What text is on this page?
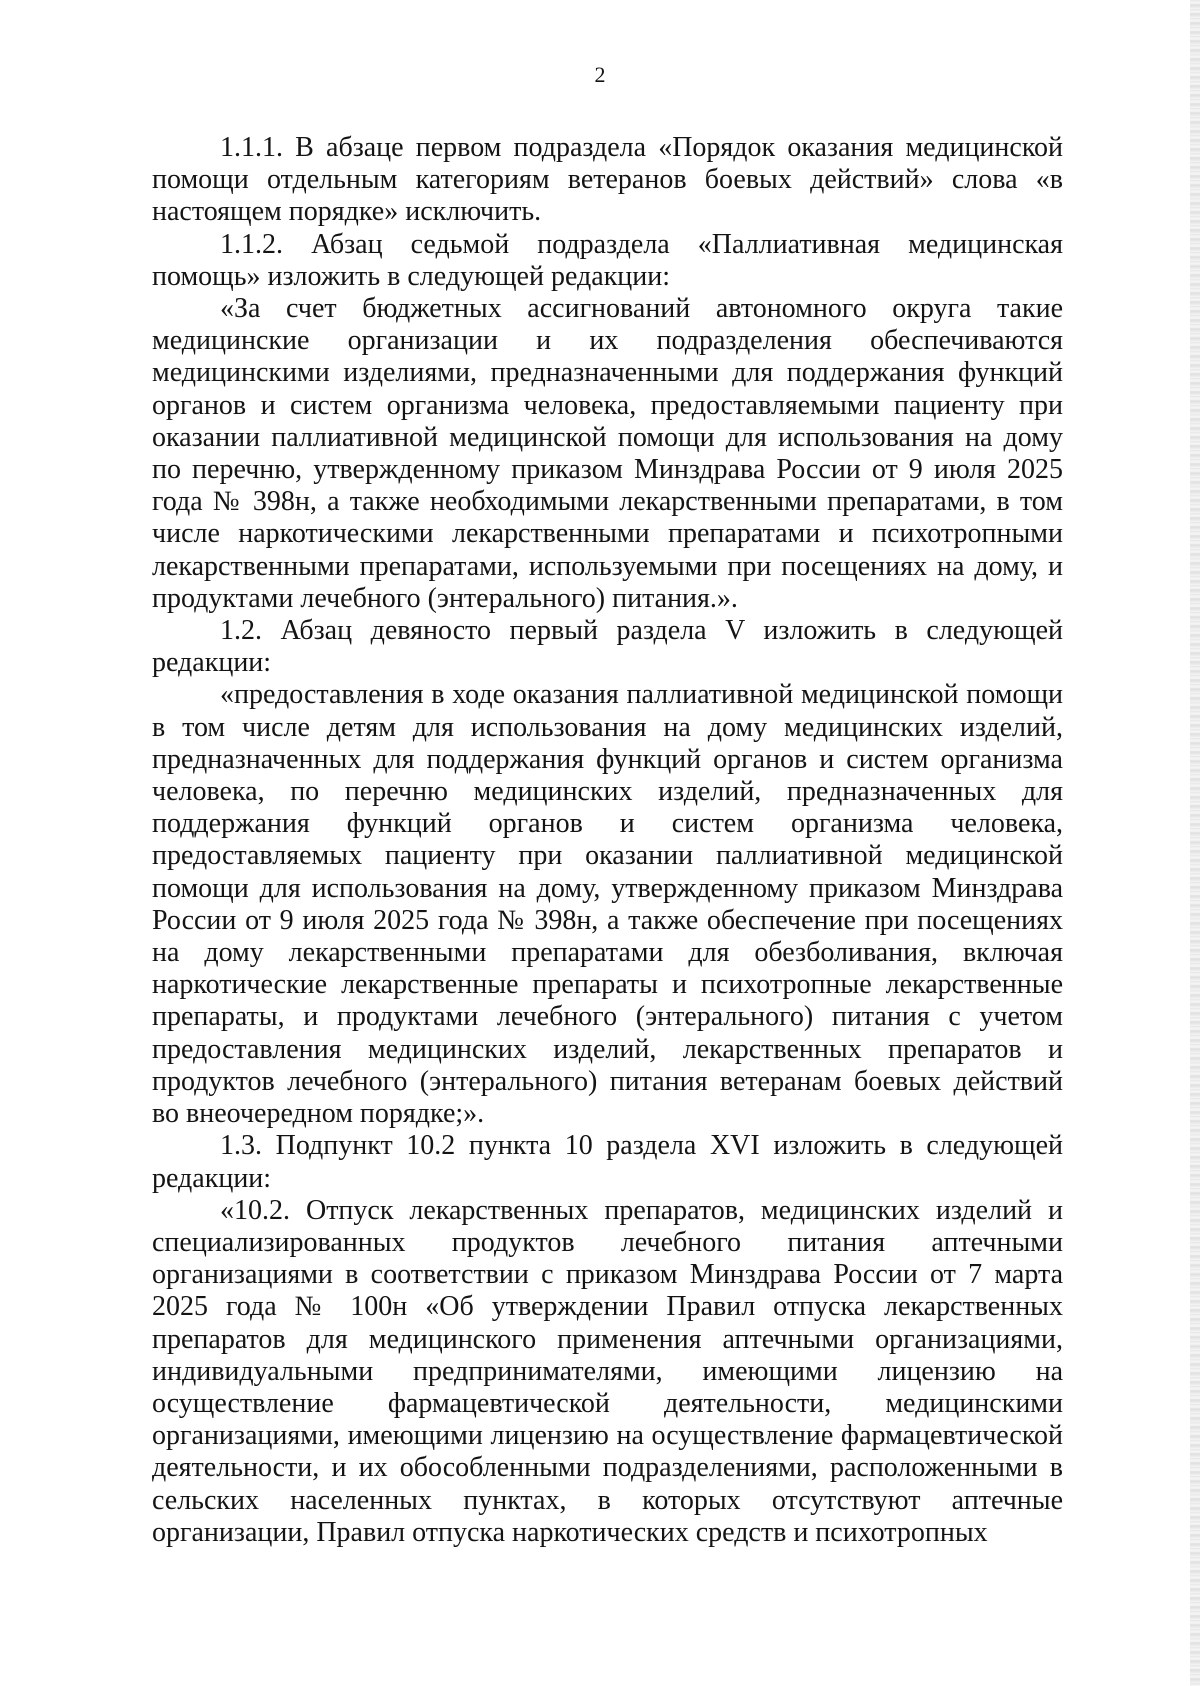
2

1.1.1. В абзаце первом подраздела «Порядок оказания медицинской помощи отдельным категориям ветеранов боевых действий» слова «в настоящем порядке» исключить.

1.1.2. Абзац седьмой подраздела «Паллиативная медицинская помощь» изложить в следующей редакции:

«За счет бюджетных ассигнований автономного округа такие медицинские организации и их подразделения обеспечиваются медицинскими изделиями, предназначенными для поддержания функций органов и систем организма человека, предоставляемыми пациенту при оказании паллиативной медицинской помощи для использования на дому по перечню, утвержденному приказом Минздрава России от 9 июля 2025 года № 398н, а также необходимыми лекарственными препаратами, в том числе наркотическими лекарственными препаратами и психотропными лекарственными препаратами, используемыми при посещениях на дому, и продуктами лечебного (энтерального) питания.».

1.2. Абзац девяносто первый раздела V изложить в следующей редакции:

«предоставления в ходе оказания паллиативной медицинской помощи в том числе детям для использования на дому медицинских изделий, предназначенных для поддержания функций органов и систем организма человека, по перечню медицинских изделий, предназначенных для поддержания функций органов и систем организма человека, предоставляемых пациенту при оказании паллиативной медицинской помощи для использования на дому, утвержденному приказом Минздрава России от 9 июля 2025 года № 398н, а также обеспечение при посещениях на дому лекарственными препаратами для обезболивания, включая наркотические лекарственные препараты и психотропные лекарственные препараты, и продуктами лечебного (энтерального) питания с учетом предоставления медицинских изделий, лекарственных препаратов и продуктов лечебного (энтерального) питания ветеранам боевых действий во внеочередном порядке;».

1.3. Подпункт 10.2 пункта 10 раздела XVI изложить в следующей редакции:

«10.2. Отпуск лекарственных препаратов, медицинских изделий и специализированных продуктов лечебного питания аптечными организациями в соответствии с приказом Минздрава России от 7 марта 2025 года № 100н «Об утверждении Правил отпуска лекарственных препаратов для медицинского применения аптечными организациями, индивидуальными предпринимателями, имеющими лицензию на осуществление фармацевтической деятельности, медицинскими организациями, имеющими лицензию на осуществление фармацевтической деятельности, и их обособленными подразделениями, расположенными в сельских населенных пунктах, в которых отсутствуют аптечные организации, Правил отпуска наркотических средств и психотропных
